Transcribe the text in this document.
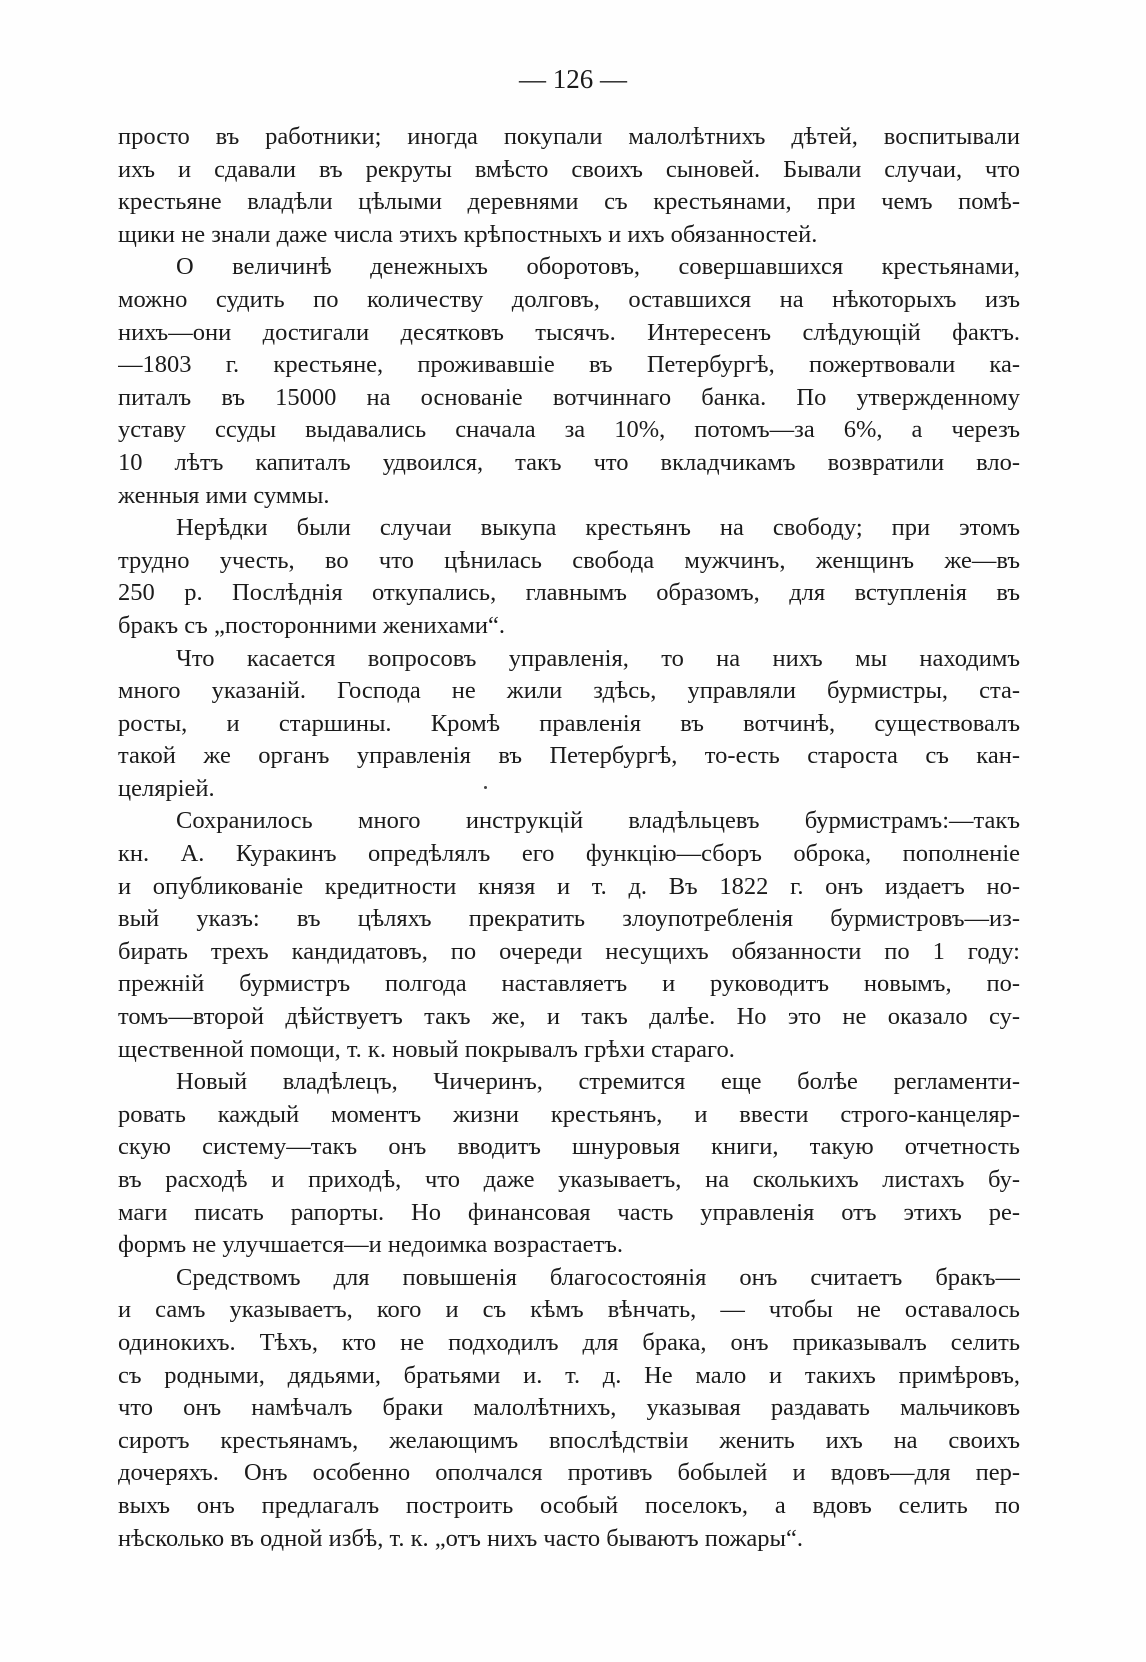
— 126 —
просто въ работники; иногда покупали малолѣтнихъ дѣтей, воспитывали
ихъ и сдавали въ рекруты вмѣсто своихъ сыновей. Бывали случаи, что
крестьяне владѣли цѣлыми деревнями съ крестьянами, при чемъ помѣ-
щики не знали даже числа этихъ крѣпостныхъ и ихъ обязанностей.
О величинѣ денежныхъ оборотовъ, совершавшихся крестьянами,
можно судить по количеству долговъ, оставшихся на нѣкоторыхъ изъ
нихъ—они достигали десятковъ тысячъ. Интересенъ слѣдующій фактъ.
—1803 г. крестьяне, проживавшіе въ Петербургѣ, пожертвовали ка-
питалъ въ 15000 на основаніе вотчиннаго банка. По утвержденному
уставу ссуды выдавались сначала за 10%, потомъ—за 6%, а черезъ
10 лѣтъ капиталъ удвоился, такъ что вкладчикамъ возвратили вло-
женныя ими суммы.
Нерѣдки были случаи выкупа крестьянъ на свободу; при этомъ
трудно учесть, во что цѣнилась свобода мужчинъ, женщинъ же—въ
250 р. Послѣднія откупались, главнымъ образомъ, для вступленія въ
бракъ съ „посторонними женихами“.
Что касается вопросовъ управленія, то на нихъ мы находимъ
много указаній. Господа не жили здѣсь, управляли бурмистры, ста-
росты, и старшины. Кромѣ правленія въ вотчинѣ, существовалъ
такой же органъ управленія въ Петербургѣ, то-есть староста съ кан-
целяріей.
Сохранилось много инструкцій владѣльцевъ бурмистрамъ:—такъ
кн. А. Куракинъ опредѣлялъ его функцію—сборъ оброка, пополненіе
и опубликованіе кредитности князя и т. д. Въ 1822 г. онъ издаетъ но-
вый указъ: въ цѣляхъ прекратить злоупотребленія бурмистровъ—из-
бирать трехъ кандидатовъ, по очереди несущихъ обязанности по 1 году:
прежній бурмистръ полгода наставляетъ и руководитъ новымъ, по-
томъ—второй дѣйствуетъ такъ же, и такъ далѣе. Но это не оказало су-
щественной помощи, т. к. новый покрывалъ грѣхи стараго.
Новый владѣлецъ, Чичеринъ, стремится еще болѣе регламенти-
ровать каждый моментъ жизни крестьянъ, и ввести строго-канцеляр-
скую систему—такъ онъ вводитъ шнуровыя книги, такую отчетность
въ расходѣ и приходѣ, что даже указываетъ, на сколькихъ листахъ бу-
маги писать рапорты. Но финансовая часть управленія отъ этихъ ре-
формъ не улучшается—и недоимка возрастаетъ.
Средствомъ для повышенія благосостоянія онъ считаетъ бракъ—
и самъ указываетъ, кого и съ кѣмъ вѣнчать, — чтобы не оставалось
одинокихъ. Тѣхъ, кто не подходилъ для брака, онъ приказывалъ селить
съ родными, дядьями, братьями и. т. д. Не мало и такихъ примѣровъ,
что онъ намѣчалъ браки малолѣтнихъ, указывая раздавать мальчиковъ
сиротъ крестьянамъ, желающимъ впослѣдствіи женить ихъ на своихъ
дочеряхъ. Онъ особенно ополчался противъ бобылей и вдовъ—для пер-
выхъ онъ предлагалъ построить особый поселокъ, а вдовъ селить по
нѣсколько въ одной избѣ, т. к. „отъ нихъ часто бываютъ пожары“.
